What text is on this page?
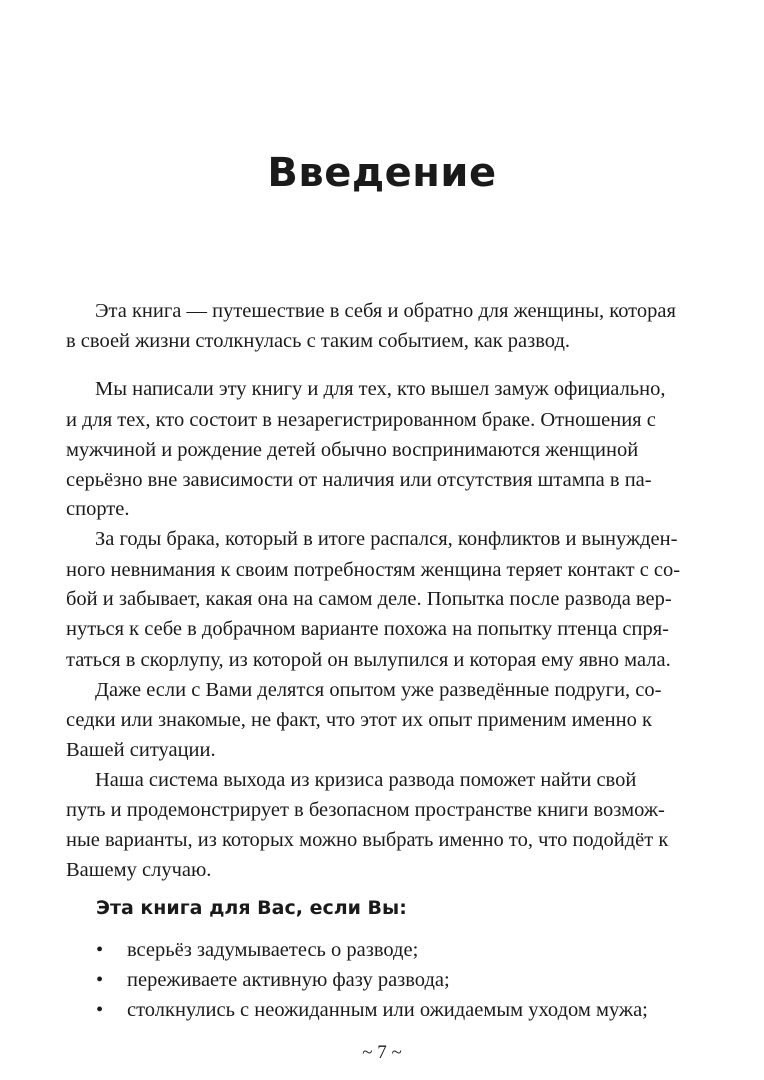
Введение
Эта книга — путешествие в себя и обратно для женщины, которая
в своей жизни столкнулась с таким событием, как развод.
Мы написали эту книгу и для тех, кто вышел замуж официально,
и для тех, кто состоит в незарегистрированном браке. Отношения с
мужчиной и рождение детей обычно воспринимаются женщиной
серьёзно вне зависимости от наличия или отсутствия штампа в па-
спорте.
За годы брака, который в итоге распался, конфликтов и вынужден-
ного невнимания к своим потребностям женщина теряет контакт с со-
бой и забывает, какая она на самом деле. Попытка после развода вер-
нуться к себе в добрачном варианте похожа на попытку птенца спря-
таться в скорлупу, из которой он вылупился и которая ему явно мала.
Даже если с Вами делятся опытом уже разведённые подруги, со-
седки или знакомые, не факт, что этот их опыт применим именно к
Вашей ситуации.
Наша система выхода из кризиса развода поможет найти свой
путь и продемонстрирует в безопасном пространстве книги возмож-
ные варианты, из которых можно выбрать именно то, что подойдёт к
Вашему случаю.
Эта книга для Вас, если Вы:
•	всерьёз задумываетесь о разводе;
•	переживаете активную фазу развода;
•	столкнулись с неожиданным или ожидаемым уходом мужа;
~ 7 ~
